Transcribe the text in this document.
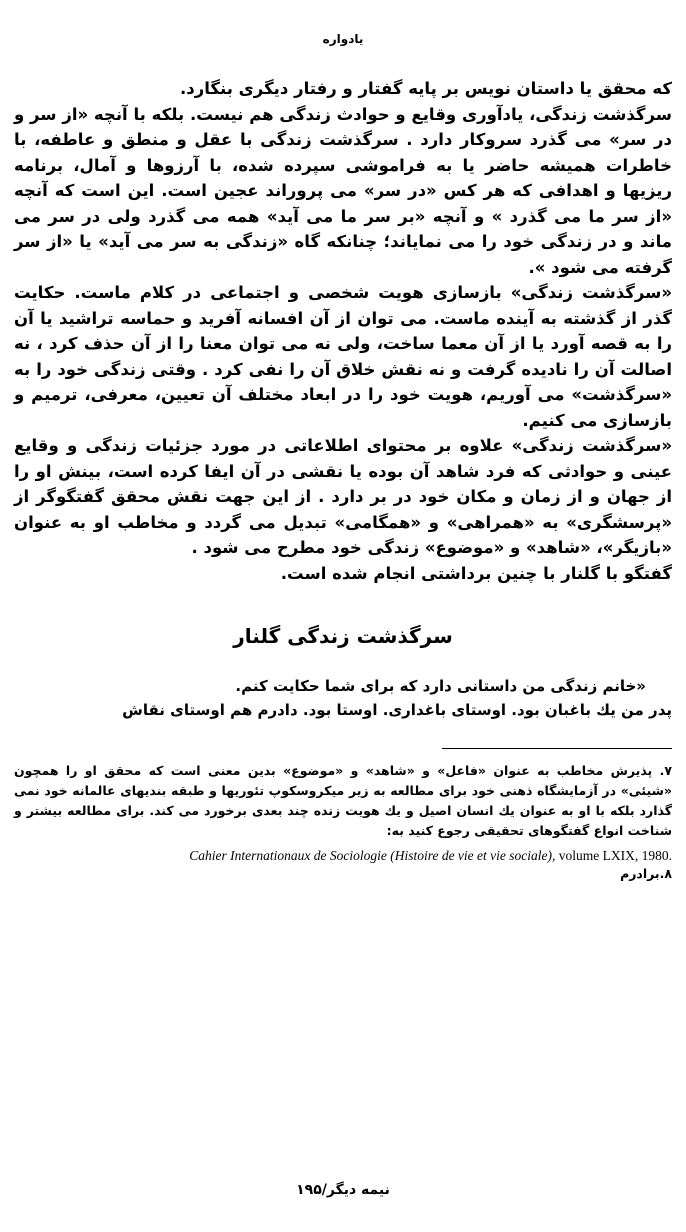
یادواره

که محقق یا داستان نویس بر پایه گفتار و رفتار دیگری بنگارد.

سرگذشت زندگی، یادآوری وقایع و حوادث زندگی هم نیست. بلکه با آنچه «از سر و در سر» می گذرد سروکار دارد . سرگذشت زندگی با عقل و منطق و عاطفه، با خاطرات همیشه حاضر یا به فراموشی سپرده شده، با آرزوها و آمال، برنامه ریزیها و اهدافی که هر کس «در سر» می پروراند عجین است. این است که آنچه «از سر ما می گذرد » و آنچه «بر سر ما می آید» همه می گذرد ولی در سر می ماند و در زندگی خود را می نمایاند؛ چنانکه گاه «زندگی به سر می آید» یا «از سر گرفته می شود ».

«سرگذشت زندگی» بازسازی هویت شخصی و اجتماعی در کلام ماست. حکایت گذر از گذشته به آینده ماست. می توان از آن افسانه آفرید و حماسه تراشید یا آن را به قصه آورد یا از آن معما ساخت، ولی نه می توان معنا را از آن حذف کرد ، نه اصالت آن را نادیده گرفت و نه نقش خلاق آن را نفی کرد . وقتی زندگی خود را به «سرگذشت» می آوریم، هویت خود را در ابعاد مختلف آن تعیین، معرفی، ترمیم و بازسازی می کنیم.

«سرگذشت زندگی» علاوه بر محتوای اطلاعاتی در مورد جزئیات زندگی و وقایع عینی و حوادثی که فرد شاهد آن بوده یا نقشی در آن ایفا کرده است، بینش او را از جهان و از زمان و مکان خود در بر دارد . از این جهت نقش محقق گفتگوگر از «پرسشگری» به «همراهی» و «همگامی» تبدیل می گردد و مخاطب او به عنوان «بازیگر»، «شاهد» و «موضوع» زندگی خود مطرح می شود .

گفتگو با گلنار با چنین برداشتی انجام شده است.

سرگذشت زندگی گلنار

«خانم زندگی من داستانی دارد که برای شما حکایت کنم.

پدر من یك باغبان بود. اوستای باغداری. اوستا بود. دادرم هم اوستای نقاش

۷. پذیرش مخاطب به عنوان «فاعل» و «شاهد» و «موضوع» بدین معنی است که محقق او را همچون «شیئی» در آزمایشگاه ذهنی خود برای مطالعه به زیر میکروسکوپ تئوریها و طبقه بندیهای عالمانه خود نمی گذارد بلکه با او به عنوان یك انسان اصیل و یك هویت زنده چند بعدی برخورد می کند. برای مطالعه بیشتر و شناخت انواع گفتگوهای تحقیقی رجوع کنید به:

Cahier Internationaux de Sociologie (Histoire de vie et vie sociale), volume LXIX, 1980.

۸.برادرم

نیمه دیگر/۱۹۵
